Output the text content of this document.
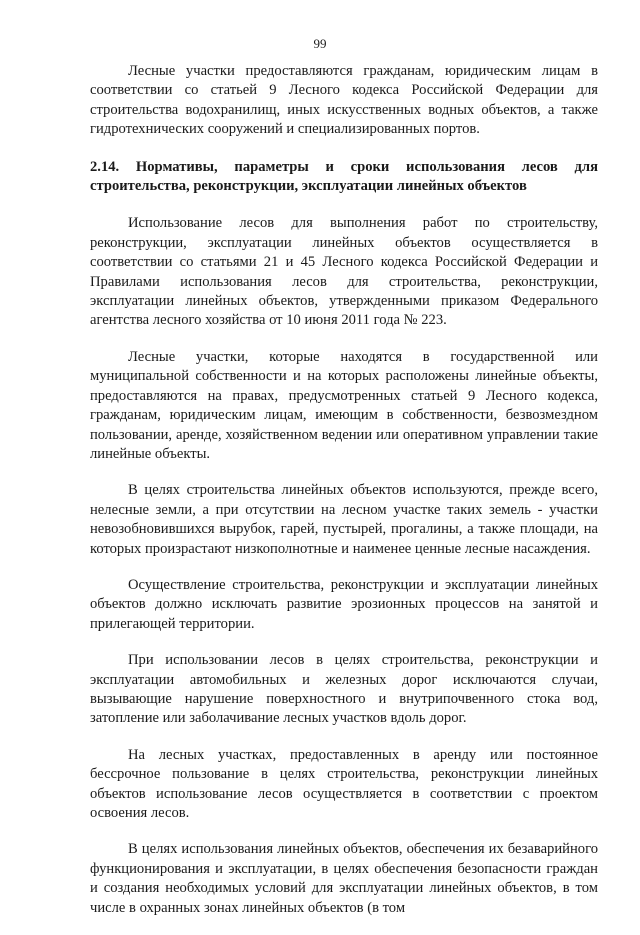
99

Лесные участки предоставляются гражданам, юридическим лицам в соответствии со статьей 9 Лесного кодекса Российской Федерации для строительства водохранилищ, иных искусственных водных объектов, а также гидротехнических сооружений и специализированных портов.

2.14. Нормативы, параметры и сроки использования лесов для строительства, реконструкции, эксплуатации линейных объектов

Использование лесов для выполнения работ по строительству, реконструкции, эксплуатации линейных объектов осуществляется в соответствии со статьями 21 и 45 Лесного кодекса Российской Федерации и Правилами использования лесов для строительства, реконструкции, эксплуатации линейных объектов, утвержденными приказом Федерального агентства лесного хозяйства от 10 июня 2011 года № 223.

Лесные участки, которые находятся в государственной или муниципальной собственности и на которых расположены линейные объекты, предоставляются на правах, предусмотренных статьей 9 Лесного кодекса, гражданам, юридическим лицам, имеющим в собственности, безвозмездном пользовании, аренде, хозяйственном ведении или оперативном управлении такие линейные объекты.

В целях строительства линейных объектов используются, прежде всего, нелесные земли, а при отсутствии на лесном участке таких земель - участки невозобновившихся вырубок, гарей, пустырей, прогалины, а также площади, на которых произрастают низкополнотные и наименее ценные лесные насаждения.

Осуществление строительства, реконструкции и эксплуатации линейных объектов должно исключать развитие эрозионных процессов на занятой и прилегающей территории.

При использовании лесов в целях строительства, реконструкции и эксплуатации автомобильных и железных дорог исключаются случаи, вызывающие нарушение поверхностного и внутрипочвенного стока вод, затопление или заболачивание лесных участков вдоль дорог.

На лесных участках, предоставленных в аренду или постоянное бессрочное пользование в целях строительства, реконструкции линейных объектов использование лесов осуществляется в соответствии с проектом освоения лесов.

В целях использования линейных объектов, обеспечения их безаварийного функционирования и эксплуатации, в целях обеспечения безопасности граждан и создания необходимых условий для эксплуатации линейных объектов, в том числе в охранных зонах линейных объектов (в том
